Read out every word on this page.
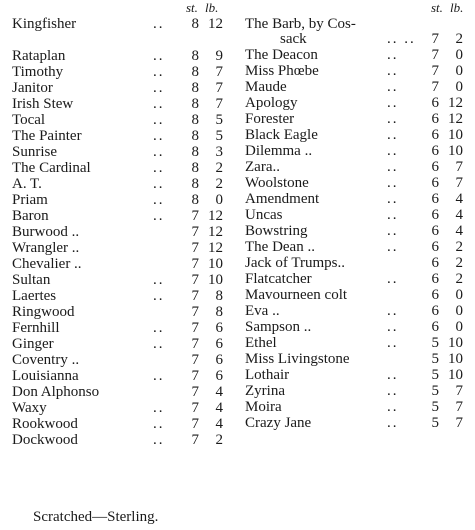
st. lb.	st. lb.
Kingfisher	..	8 12
Rataplan	..	8	9
Timothy	..	8	7
Janitor	..	8	7
Irish Stew	..	8	7
Tocal	..	8	5
The Painter	..	8	5
Sunrise	..	8	3
The Cardinal	..	8	2
A. T.	..	8	2
Priam	..	8	0
Baron	..	7 12
Burwood ..	7 12
Wrangler ..	7 12
Chevalier ..	7 10
Sultan	..	7 10
Laertes	..	7	8
Ringwood	7	8
Fernhill	..	7	6
Ginger	..	7	6
Coventry ..	7	6
Louisianna	..	7	6
Don Alphonso	7	4
Waxy	..	7	4
Rookwood	..	7	4
Dockwood	..	7	2
The Barb, by Cos-
sack	.. ..	7	2
The Deacon	..	7	0
Miss Phœbe	..	7	0
Maude	..	7	0
Apology	..	6 12
Forester	..	6 12
Black Eagle	..	6 10
Dilemma ..	..	6 10
Zara..	..	6	7
Woolstone	..	6	7
Amendment	..	6	4
Uncas	..	6	4
Bowstring	..	6	4
The Dean ..	..	6	2
Jack of Trumps..	6	2
Flatcatcher	..	6	2
Mavourneen colt	6	0
Eva ..	..	6	0
Sampson ..	..	6	0
Ethel	..	5 10
Miss Livingstone	5 10
Lothair	..	5 10
Zyrina	..	5	7
Moira	..	5	7
Crazy Jane	..	5	7
Scratched—Sterling.
